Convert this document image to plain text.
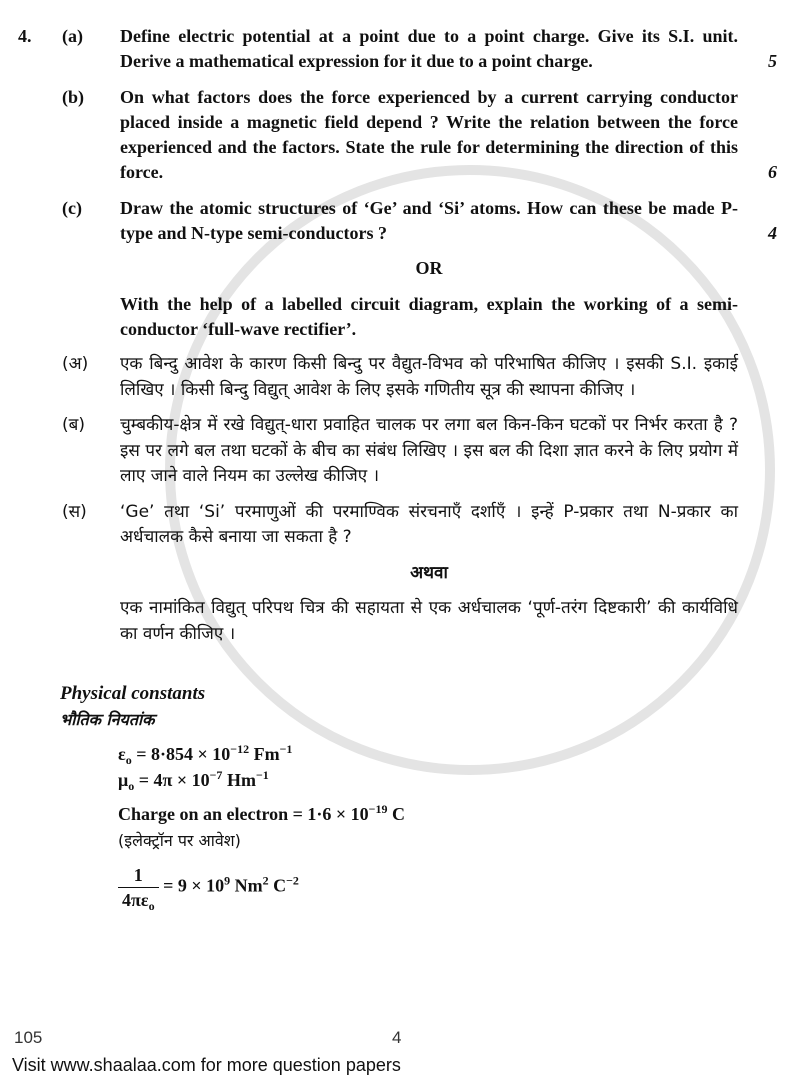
4.	(a)	Define electric potential at a point due to a point charge. Give its S.I. unit. Derive a mathematical expression for it due to a point charge.	5
(b)	On what factors does the force experienced by a current carrying conductor placed inside a magnetic field depend ? Write the relation between the force experienced and the factors. State the rule for determining the direction of this force.	6
(c)	Draw the atomic structures of ‘Ge’ and ‘Si’ atoms. How can these be made P-type and N-type semi-conductors ?	4
OR
With the help of a labelled circuit diagram, explain the working of a semi-conductor ‘full-wave rectifier’.
(अ)	एक बिन्दु आवेश के कारण किसी बिन्दु पर वैद्युत-विभव को परिभाषित कीजिए । इसकी S.I. इकाई लिखिए । किसी बिन्दु विद्युत् आवेश के लिए इसके गणितीय सूत्र की स्थापना कीजिए ।
(ब)	चुम्बकीय-क्षेत्र में रखे विद्युत्-धारा प्रवाहित चालक पर लगा बल किन-किन घटकों पर निर्भर करता है ? इस पर लगे बल तथा घटकों के बीच का संबंध लिखिए । इस बल की दिशा ज्ञात करने के लिए प्रयोग में लाए जाने वाले नियम का उल्लेख कीजिए ।
(स)	‘Ge’ तथा ‘Si’ परमाणुओं की परमाण्विक संरचनाएँ दर्शाएँ । इन्हें P-प्रकार तथा N-प्रकार का अर्धचालक कैसे बनाया जा सकता है ?
अथवा
एक नामांकित विद्युत् परिपथ चित्र की सहायता से एक अर्धचालक ‘पूर्ण-तरंग दिष्टकारी’ की कार्यविधि का वर्णन कीजिए ।
Physical constants
भौतिक नियतांक
$\varepsilon_o = 8\cdot 854 \times 10^{-12}$ $Fm^{-1}$
$\mu_o = 4\pi \times 10^{-7}$ $Hm^{-1}$
Charge on an electron = $1\cdot 6 \times 10^{-19}$ C
(इलेक्ट्रॉन पर आवेश)
$\frac{1}{4\pi\varepsilon_o} = 9 \times 10^9$ Nm$^2$ $C^{-2}$
105	4
Visit www.shaalaa.com for more question papers
